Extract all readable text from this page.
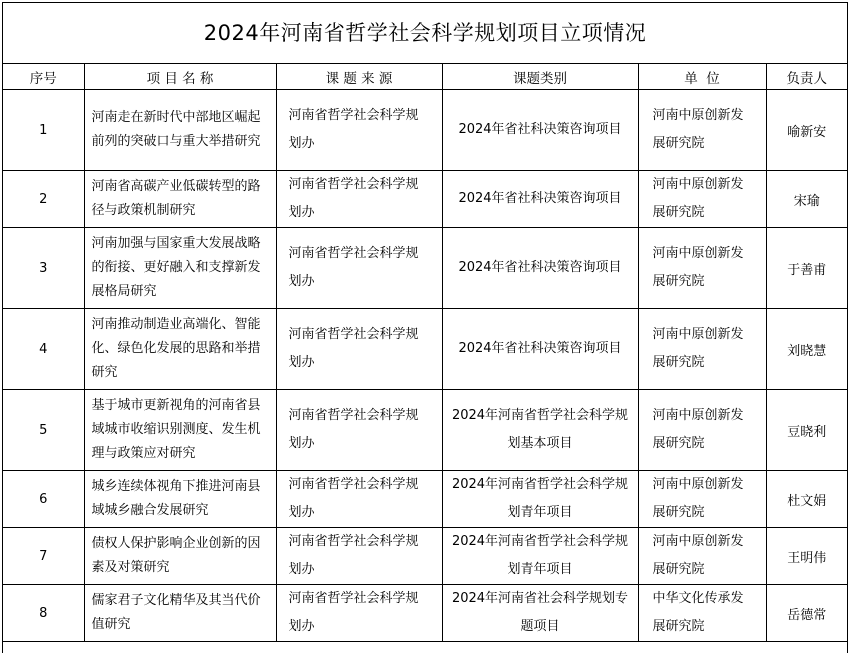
2024年河南省哲学社会科学规划项目立项情况
序号	项 目 名 称	课 题 来 源	课题类别	单  位	负责人
1	河南走在新时代中部地区崛起前列的突破口与重大举措研究	河南省哲学社会科学规划办	2024年省社科决策咨询项目	河南中原创新发展研究院	喻新安
2	河南省高碳产业低碳转型的路径与政策机制研究	河南省哲学社会科学规划办	2024年省社科决策咨询项目	河南中原创新发展研究院	宋瑜
3	河南加强与国家重大发展战略的衔接、更好融入和支撑新发展格局研究	河南省哲学社会科学规划办	2024年省社科决策咨询项目	河南中原创新发展研究院	于善甫
4	河南推动制造业高端化、智能化、绿色化发展的思路和举措研究	河南省哲学社会科学规划办	2024年省社科决策咨询项目	河南中原创新发展研究院	刘晓慧
5	基于城市更新视角的河南省县域城市收缩识别测度、发生机理与政策应对研究	河南省哲学社会科学规划办	2024年河南省哲学社会科学规划基本项目	河南中原创新发展研究院	豆晓利
6	城乡连续体视角下推进河南县域城乡融合发展研究	河南省哲学社会科学规划办	2024年河南省哲学社会科学规划青年项目	河南中原创新发展研究院	杜文娟
7	债权人保护影响企业创新的因素及对策研究	河南省哲学社会科学规划办	2024年河南省哲学社会科学规划青年项目	河南中原创新发展研究院	王明伟
8	儒家君子文化精华及其当代价值研究	河南省哲学社会科学规划办	2024年河南省社会科学规划专题项目	中华文化传承发展研究院	岳德常
